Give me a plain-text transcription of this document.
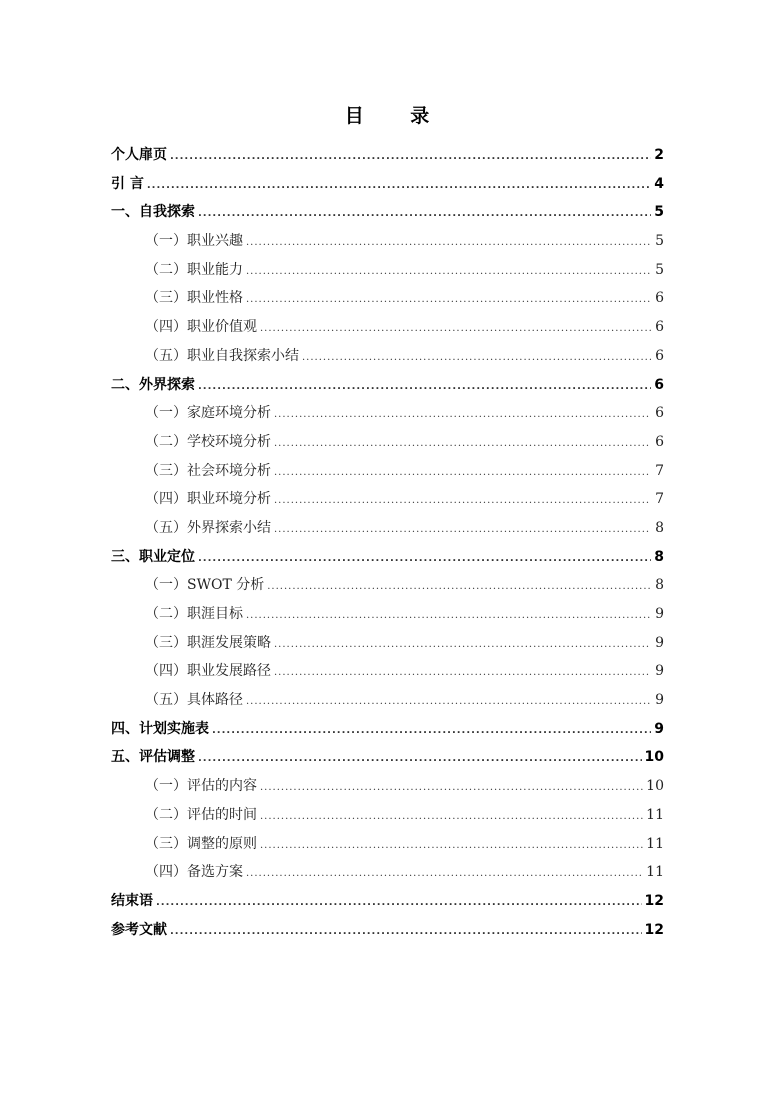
目 录
个人扉页 .....	2
引 言 .....	4
一、自我探索 .....	5
（一）职业兴趣 .....	5
（二）职业能力 .....	5
（三）职业性格 .....	6
（四）职业价值观 .....	6
（五）职业自我探索小结 .....	6
二、外界探索 .....	6
（一）家庭环境分析 .....	6
（二）学校环境分析 .....	6
（三）社会环境分析 .....	7
（四）职业环境分析 .....	7
（五）外界探索小结 .....	8
三、职业定位 .....	8
（一）SWOT 分析 .....	8
（二）职涯目标 .....	9
（三）职涯发展策略 .....	9
（四）职业发展路径 .....	9
（五）具体路径 .....	9
四、计划实施表 .....	9
五、评估调整 .....	10
（一）评估的内容 .....	10
（二）评估的时间 .....	11
（三）调整的原则 .....	11
（四）备选方案 .....	11
结束语 .....	12
参考文献 .....	12
